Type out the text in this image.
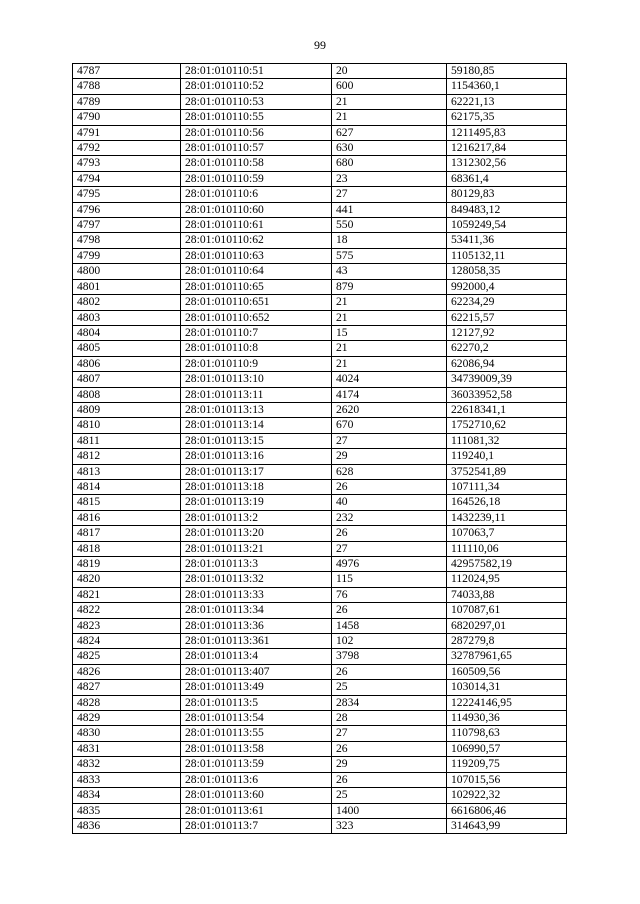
99
4787	28:01:010110:51	20	59180,85
4788	28:01:010110:52	600	1154360,1
4789	28:01:010110:53	21	62221,13
4790	28:01:010110:55	21	62175,35
4791	28:01:010110:56	627	1211495,83
4792	28:01:010110:57	630	1216217,84
4793	28:01:010110:58	680	1312302,56
4794	28:01:010110:59	23	68361,4
4795	28:01:010110:6	27	80129,83
4796	28:01:010110:60	441	849483,12
4797	28:01:010110:61	550	1059249,54
4798	28:01:010110:62	18	53411,36
4799	28:01:010110:63	575	1105132,11
4800	28:01:010110:64	43	128058,35
4801	28:01:010110:65	879	992000,4
4802	28:01:010110:651	21	62234,29
4803	28:01:010110:652	21	62215,57
4804	28:01:010110:7	15	12127,92
4805	28:01:010110:8	21	62270,2
4806	28:01:010110:9	21	62086,94
4807	28:01:010113:10	4024	34739009,39
4808	28:01:010113:11	4174	36033952,58
4809	28:01:010113:13	2620	22618341,1
4810	28:01:010113:14	670	1752710,62
4811	28:01:010113:15	27	111081,32
4812	28:01:010113:16	29	119240,1
4813	28:01:010113:17	628	3752541,89
4814	28:01:010113:18	26	107111,34
4815	28:01:010113:19	40	164526,18
4816	28:01:010113:2	232	1432239,11
4817	28:01:010113:20	26	107063,7
4818	28:01:010113:21	27	111110,06
4819	28:01:010113:3	4976	42957582,19
4820	28:01:010113:32	115	112024,95
4821	28:01:010113:33	76	74033,88
4822	28:01:010113:34	26	107087,61
4823	28:01:010113:36	1458	6820297,01
4824	28:01:010113:361	102	287279,8
4825	28:01:010113:4	3798	32787961,65
4826	28:01:010113:407	26	160509,56
4827	28:01:010113:49	25	103014,31
4828	28:01:010113:5	2834	12224146,95
4829	28:01:010113:54	28	114930,36
4830	28:01:010113:55	27	110798,63
4831	28:01:010113:58	26	106990,57
4832	28:01:010113:59	29	119209,75
4833	28:01:010113:6	26	107015,56
4834	28:01:010113:60	25	102922,32
4835	28:01:010113:61	1400	6616806,46
4836	28:01:010113:7	323	314643,99
